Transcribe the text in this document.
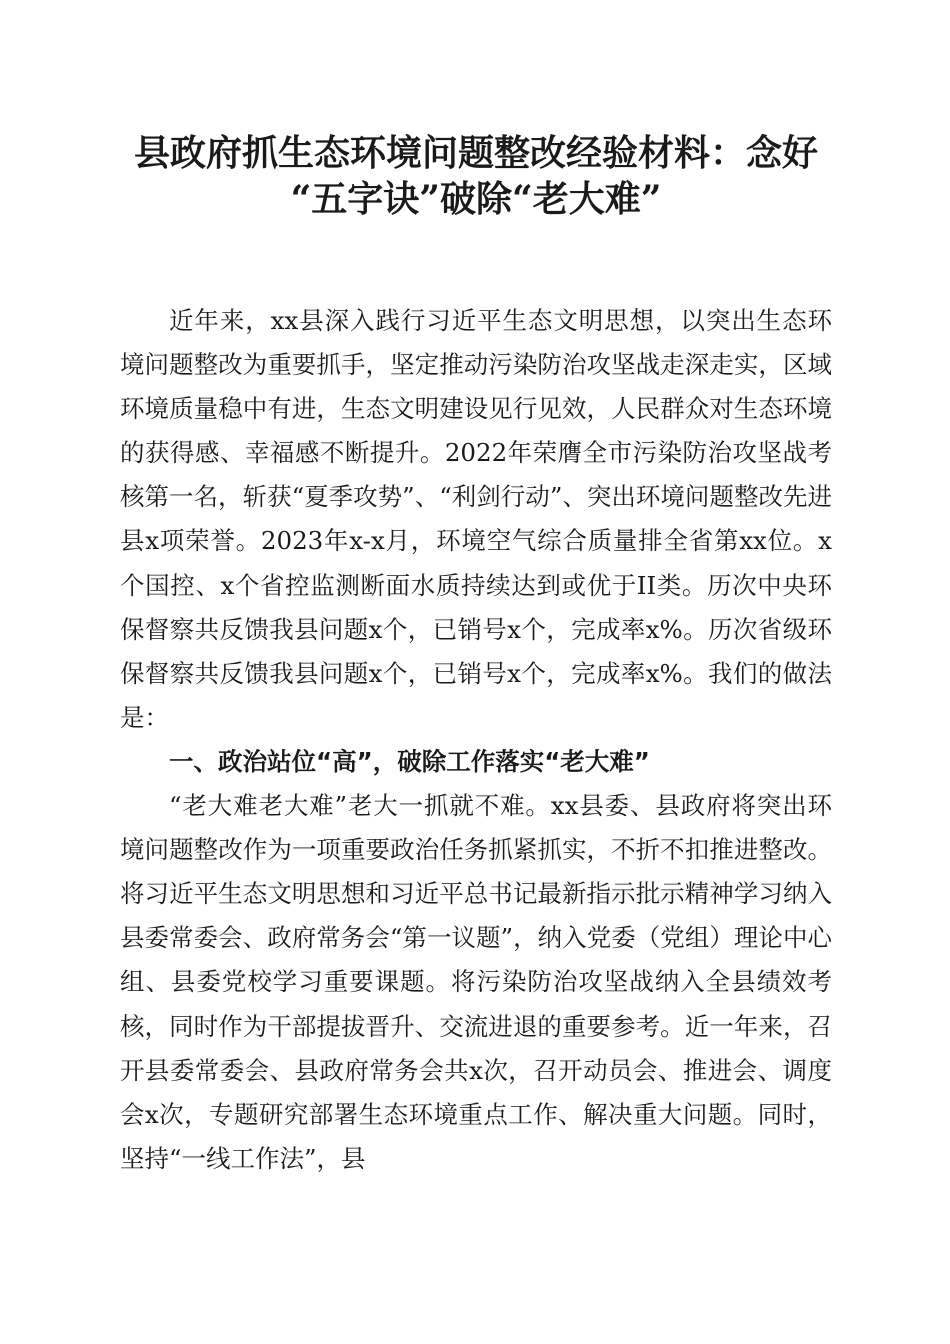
县政府抓生态环境问题整改经验材料：念好
“五字诀”破除“老大难”

近年来，xx县深入践行习近平生态文明思想，以突出生态环境问题整改为重要抓手，坚定推动污染防治攻坚战走深走实，区域环境质量稳中有进，生态文明建设见行见效，人民群众对生态环境的获得感、幸福感不断提升。2022年荣膺全市污染防治攻坚战考核第一名，斩获“夏季攻势”、“利剑行动”、突出环境问题整改先进县x项荣誉。2023年x-x月，环境空气综合质量排全省第xx位。x个国控、x个省控监测断面水质持续达到或优于II类。历次中央环保督察共反馈我县问题x个，已销号x个，完成率x%。历次省级环保督察共反馈我县问题x个，已销号x个，完成率x%。我们的做法是：

一、政治站位“高”，破除工作落实“老大难”

“老大难老大难”老大一抓就不难。xx县委、县政府将突出环境问题整改作为一项重要政治任务抓紧抓实，不折不扣推进整改。将习近平生态文明思想和习近平总书记最新指示批示精神学习纳入县委常委会、政府常务会“第一议题”，纳入党委（党组）理论中心组、县委党校学习重要课题。将污染防治攻坚战纳入全县绩效考核，同时作为干部提拔晋升、交流进退的重要参考。近一年来，召开县委常委会、县政府常务会共x次，召开动员会、推进会、调度会x次，专题研究部署生态环境重点工作、解决重大问题。同时，坚持“一线工作法”，县
